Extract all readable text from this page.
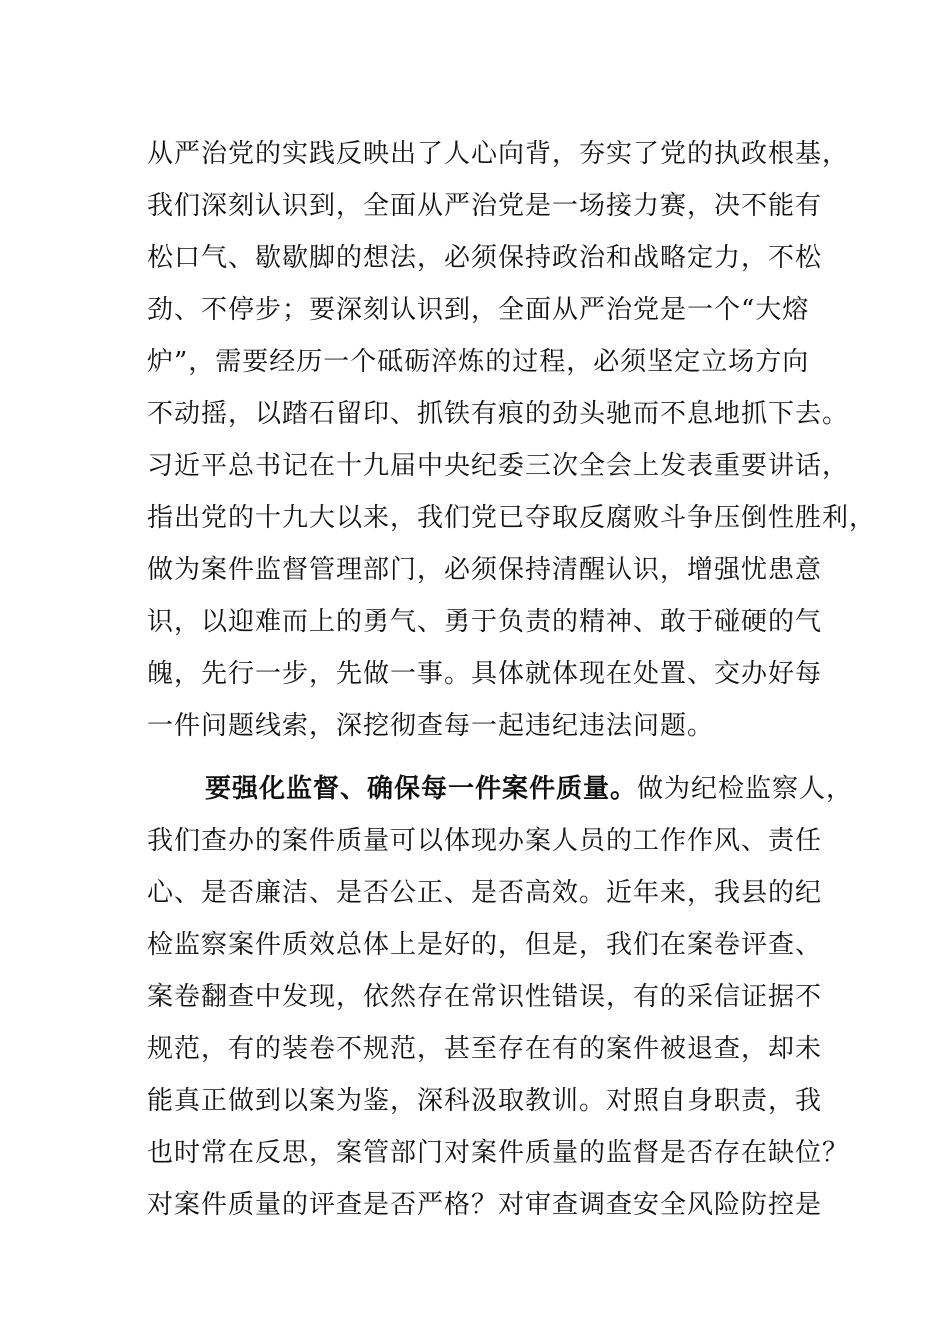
从严治党的实践反映出了人心向背，夯实了党的执政根基，
我们深刻认识到，全面从严治党是一场接力赛，决不能有
松口气、歇歇脚的想法，必须保持政治和战略定力，不松
劲、不停步；要深刻认识到，全面从严治党是一个“大熔
炉”，需要经历一个砥砺淬炼的过程，必须坚定立场方向
不动摇，以踏石留印、抓铁有痕的劲头驰而不息地抓下去。
习近平总书记在十九届中央纪委三次全会上发表重要讲话，
指出党的十九大以来，我们党已夺取反腐败斗争压倒性胜利，
做为案件监督管理部门，必须保持清醒认识，增强忧患意
识，以迎难而上的勇气、勇于负责的精神、敢于碰硬的气
魄，先行一步，先做一事。具体就体现在处置、交办好每
一件问题线索，深挖彻查每一起违纪违法问题。
要强化监督、确保每一件案件质量。做为纪检监察人，
我们查办的案件质量可以体现办案人员的工作作风、责任
心、是否廉洁、是否公正、是否高效。近年来，我县的纪
检监察案件质效总体上是好的，但是，我们在案卷评查、
案卷翻查中发现，依然存在常识性错误，有的采信证据不
规范，有的装卷不规范，甚至存在有的案件被退查，却未
能真正做到以案为鉴，深科汲取教训。对照自身职责，我
也时常在反思，案管部门对案件质量的监督是否存在缺位？
对案件质量的评查是否严格？对审查调查安全风险防控是
